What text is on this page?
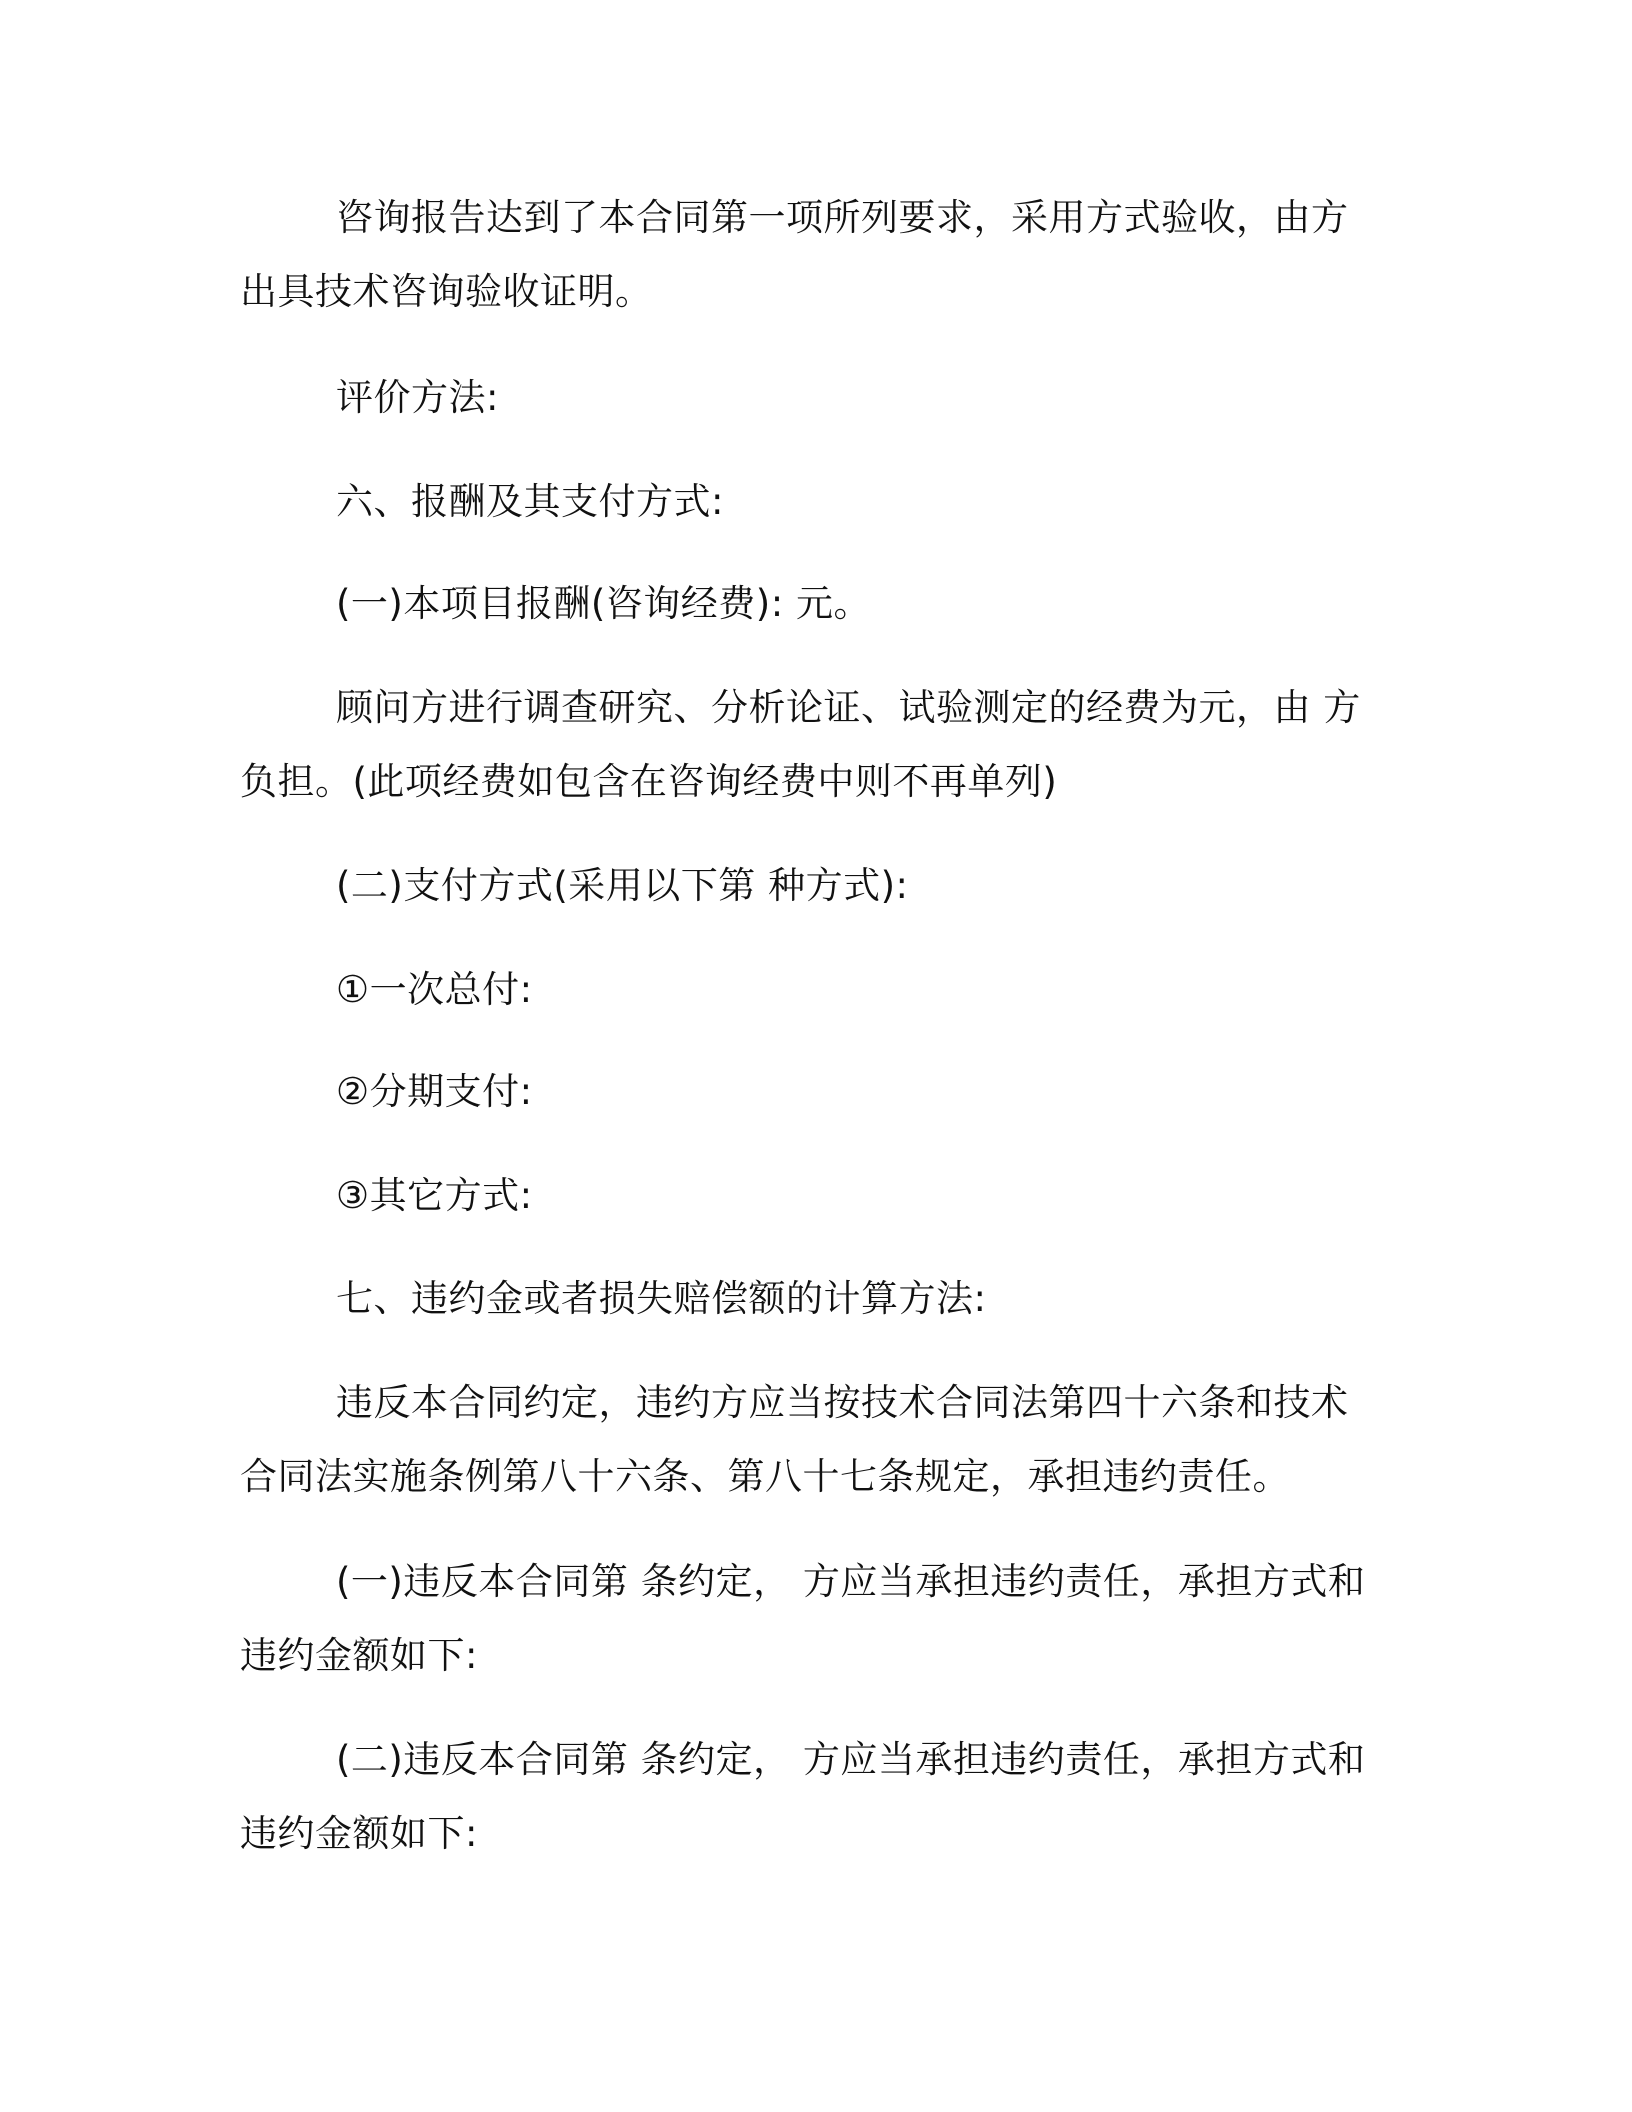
咨询报告达到了本合同第一项所列要求，采用方式验收，由方出具技术咨询验收证明。

评价方法:

六、报酬及其支付方式:

(一)本项目报酬(咨询经费): 元。

顾问方进行调查研究、分析论证、试验测定的经费为元，由 方负担。(此项经费如包含在咨询经费中则不再单列)

(二)支付方式(采用以下第 种方式):

①一次总付:

②分期支付:

③其它方式:

七、违约金或者损失赔偿额的计算方法:

违反本合同约定，违约方应当按技术合同法第四十六条和技术合同法实施条例第八十六条、第八十七条规定，承担违约责任。

(一)违反本合同第 条约定， 方应当承担违约责任，承担方式和违约金额如下:

(二)违反本合同第 条约定， 方应当承担违约责任，承担方式和违约金额如下:
